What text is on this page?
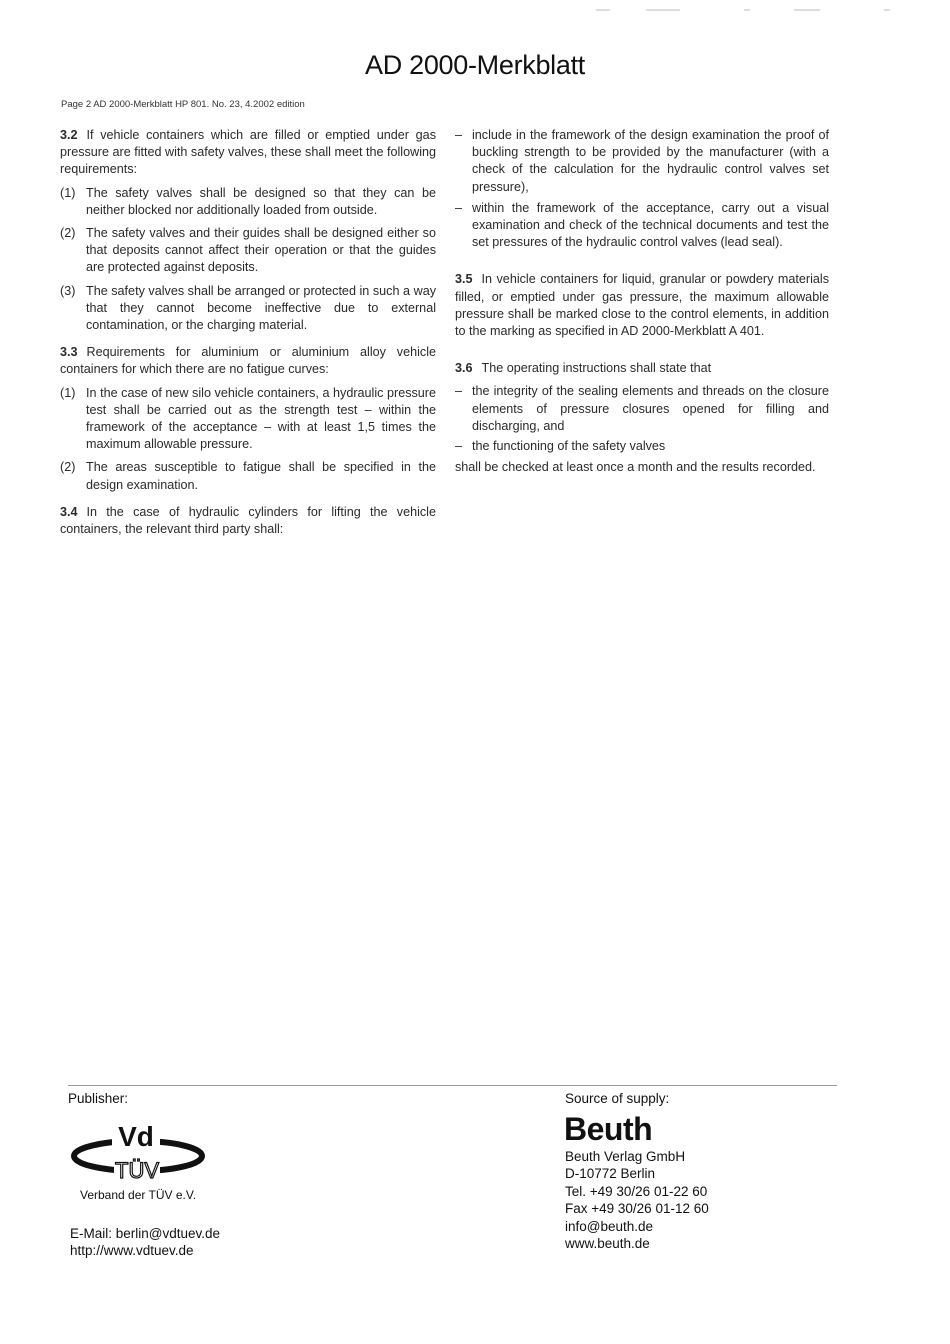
AD 2000-Merkblatt
Page 2 AD 2000-Merkblatt HP 801. No. 23, 4.2002 edition

3.2 If vehicle containers which are filled or emptied under gas pressure are fitted with safety valves, these shall meet the following requirements:

(1) The safety valves shall be designed so that they can be neither blocked nor additionally loaded from outside.
(2) The safety valves and their guides shall be designed either so that deposits cannot affect their operation or that the guides are protected against deposits.
(3) The safety valves shall be arranged or protected in such a way that they cannot become ineffective due to external contamination, or the charging material.

3.3 Requirements for aluminium or aluminium alloy vehicle containers for which there are no fatigue curves:

(1) In the case of new silo vehicle containers, a hydraulic pressure test shall be carried out as the strength test – within the framework of the acceptance – with at least 1,5 times the maximum allowable pressure.
(2) The areas susceptible to fatigue shall be specified in the design examination.

3.4 In the case of hydraulic cylinders for lifting the vehicle containers, the relevant third party shall:

– include in the framework of the design examination the proof of buckling strength to be provided by the manufacturer (with a check of the calculation for the hydraulic control valves set pressure),
– within the framework of the acceptance, carry out a visual examination and check of the technical documents and test the set pressures of the hydraulic control valves (lead seal).

3.5 In vehicle containers for liquid, granular or powdery materials filled, or emptied under gas pressure, the maximum allowable pressure shall be marked close to the control elements, in addition to the marking as specified in AD 2000-Merkblatt A 401.

3.6 The operating instructions shall state that

– the integrity of the sealing elements and threads on the closure elements of pressure closures opened for filling and discharging, and
– the functioning of the safety valves

shall be checked at least once a month and the results recorded.

Publisher:
Vd
TÜV
Verband der TÜV e.V.
E-Mail: berlin@vdtuev.de
http://www.vdtuev.de
Source of supply:
Beuth
Beuth Verlag GmbH
D-10772 Berlin
Tel. +49 30/26 01-22 60
Fax +49 30/26 01-12 60
info@beuth.de
www.beuth.de
